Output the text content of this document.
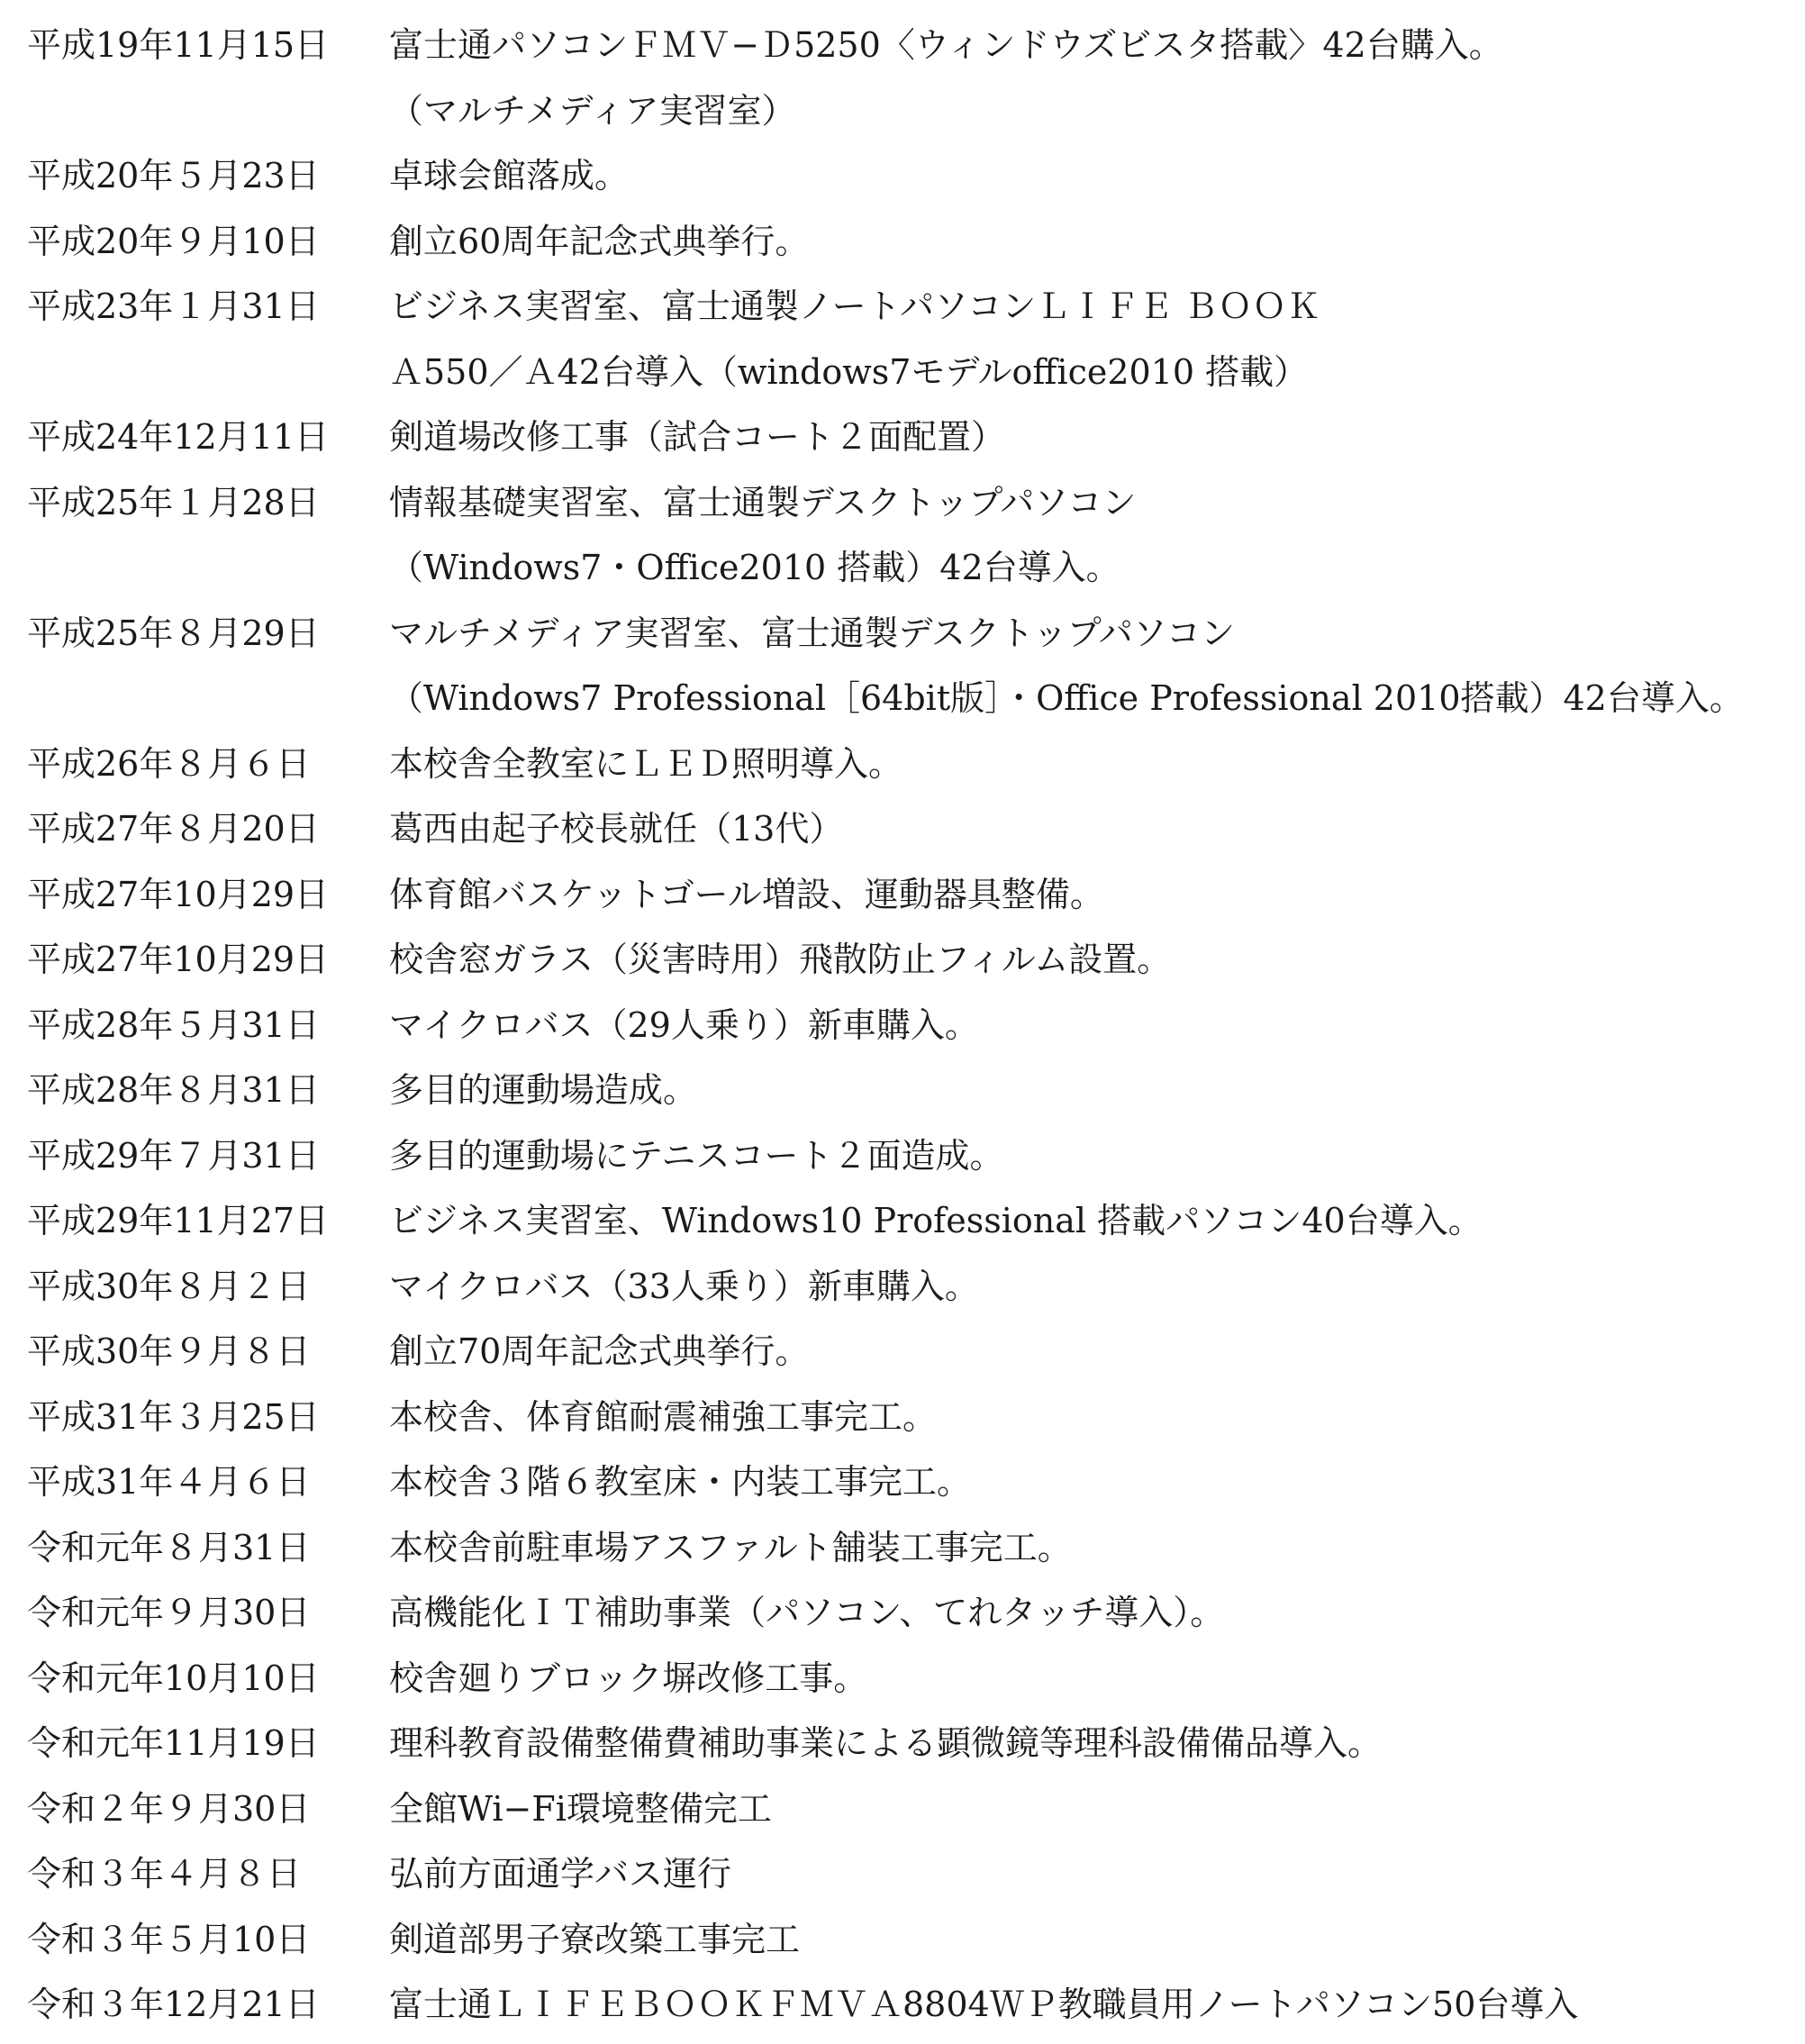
平成19年11月15日	富士通パソコンＦＭＶ−Ｄ5250〈ウィンドウズビスタ搭載〉42台購入。
（マルチメディア実習室）
平成20年５月23日	卓球会館落成。
平成20年９月10日	創立60周年記念式典挙行。
平成23年１月31日	ビジネス実習室、富士通製ノートパソコンＬＩＦＥ ＢＯＯＫ
Ａ550／Ａ42台導入（windows7モデルoffice2010 搭載）
平成24年12月11日	剣道場改修工事（試合コート２面配置）
平成25年１月28日	情報基礎実習室、富士通製デスクトップパソコン
（Windows7・Office2010 搭載）42台導入。
平成25年８月29日	マルチメディア実習室、富士通製デスクトップパソコン
（Windows7 Professional［64bit版］・Office Professional 2010搭載）42台導入。
平成26年８月６日	本校舎全教室にＬＥＤ照明導入。
平成27年８月20日	葛西由起子校長就任（13代）
平成27年10月29日	体育館バスケットゴール増設、運動器具整備。
平成27年10月29日	校舎窓ガラス（災害時用）飛散防止フィルム設置。
平成28年５月31日	マイクロバス（29人乗り）新車購入。
平成28年８月31日	多目的運動場造成。
平成29年７月31日	多目的運動場にテニスコート２面造成。
平成29年11月27日	ビジネス実習室、Windows10 Professional 搭載パソコン40台導入。
平成30年８月２日	マイクロバス（33人乗り）新車購入。
平成30年９月８日	創立70周年記念式典挙行。
平成31年３月25日	本校舎、体育館耐震補強工事完工。
平成31年４月６日	本校舎３階６教室床・内装工事完工。
令和元年８月31日	本校舎前駐車場アスファルト舗装工事完工。
令和元年９月30日	高機能化ＩＴ補助事業（パソコン、てれタッチ導入）。
令和元年10月10日	校舎廻りブロック塀改修工事。
令和元年11月19日	理科教育設備整備費補助事業による顕微鏡等理科設備備品導入。
令和２年９月30日	全館Wi−Fi環境整備完工
令和３年４月８日	弘前方面通学バス運行
令和３年５月10日	剣道部男子寮改築工事完工
令和３年12月21日	富士通ＬＩＦＥＢＯＯＫＦＭＶＡ8804ＷＰ教職員用ノートパソコン50台導入
